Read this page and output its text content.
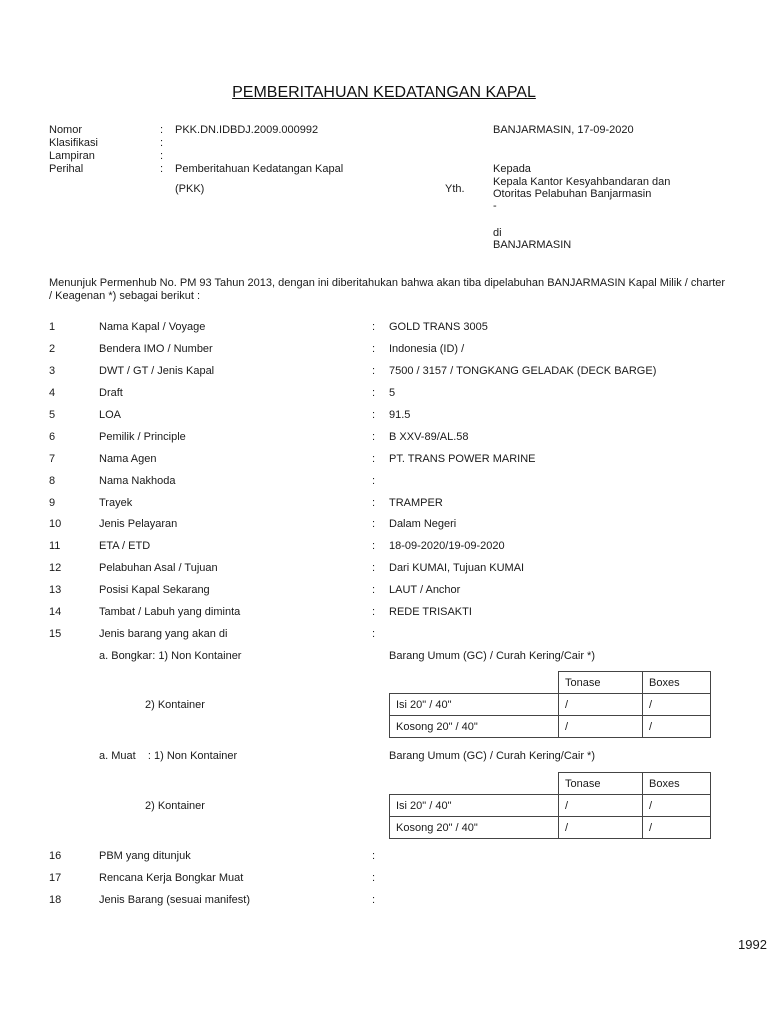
PEMBERITAHUAN KEDATANGAN KAPAL
Nomor	: PKK.DN.IDBDJ.2009.000992
Klasifikasi	:
Lampiran	:
Perihal	: Pemberitahuan Kedatangan Kapal
(PKK)
BANJARMASIN, 17-09-2020
Yth.
Kepada
Kepala Kantor Kesyahbandaran dan
Otoritas Pelabuhan Banjarmasin
-
di
BANJARMASIN
Menunjuk Permenhub No. PM 93 Tahun 2013, dengan ini diberitahukan bahwa akan tiba dipelabuhan BANJARMASIN Kapal Milik / charter / Keagenan *) sebagai berikut :
1	Nama Kapal / Voyage	: GOLD TRANS 3005
2	Bendera IMO / Number	: Indonesia (ID) /
3	DWT / GT / Jenis Kapal	: 7500 / 3157 / TONGKANG GELADAK (DECK BARGE)
4	Draft	: 5
5	LOA	: 91.5
6	Pemilik / Principle	: B XXV-89/AL.58
7	Nama Agen	: PT. TRANS POWER MARINE
8	Nama Nakhoda	:
9	Trayek	: TRAMPER
10	Jenis Pelayaran	: Dalam Negeri
11	ETA / ETD	: 18-09-2020/19-09-2020
12	Pelabuhan Asal / Tujuan	: Dari KUMAI, Tujuan KUMAI
13	Posisi Kapal Sekarang	: LAUT / Anchor
14	Tambat / Labuh yang diminta	: REDE TRISAKTI
15	Jenis barang yang akan di	:
a. Bongkar: 1) Non Kontainer	Barang Umum (GC) / Curah Kering/Cair *)
2) Kontainer
	Tonase	Boxes
Isi 20" / 40"	/	/
Kosong 20" / 40"	/	/
a. Muat    : 1) Non Kontainer	Barang Umum (GC) / Curah Kering/Cair *)
2) Kontainer
	Tonase	Boxes
Isi 20" / 40"	/	/
Kosong 20" / 40"	/	/
16	PBM yang ditunjuk	:
17	Rencana Kerja Bongkar Muat	:
18	Jenis Barang (sesuai manifest)	:
1992
